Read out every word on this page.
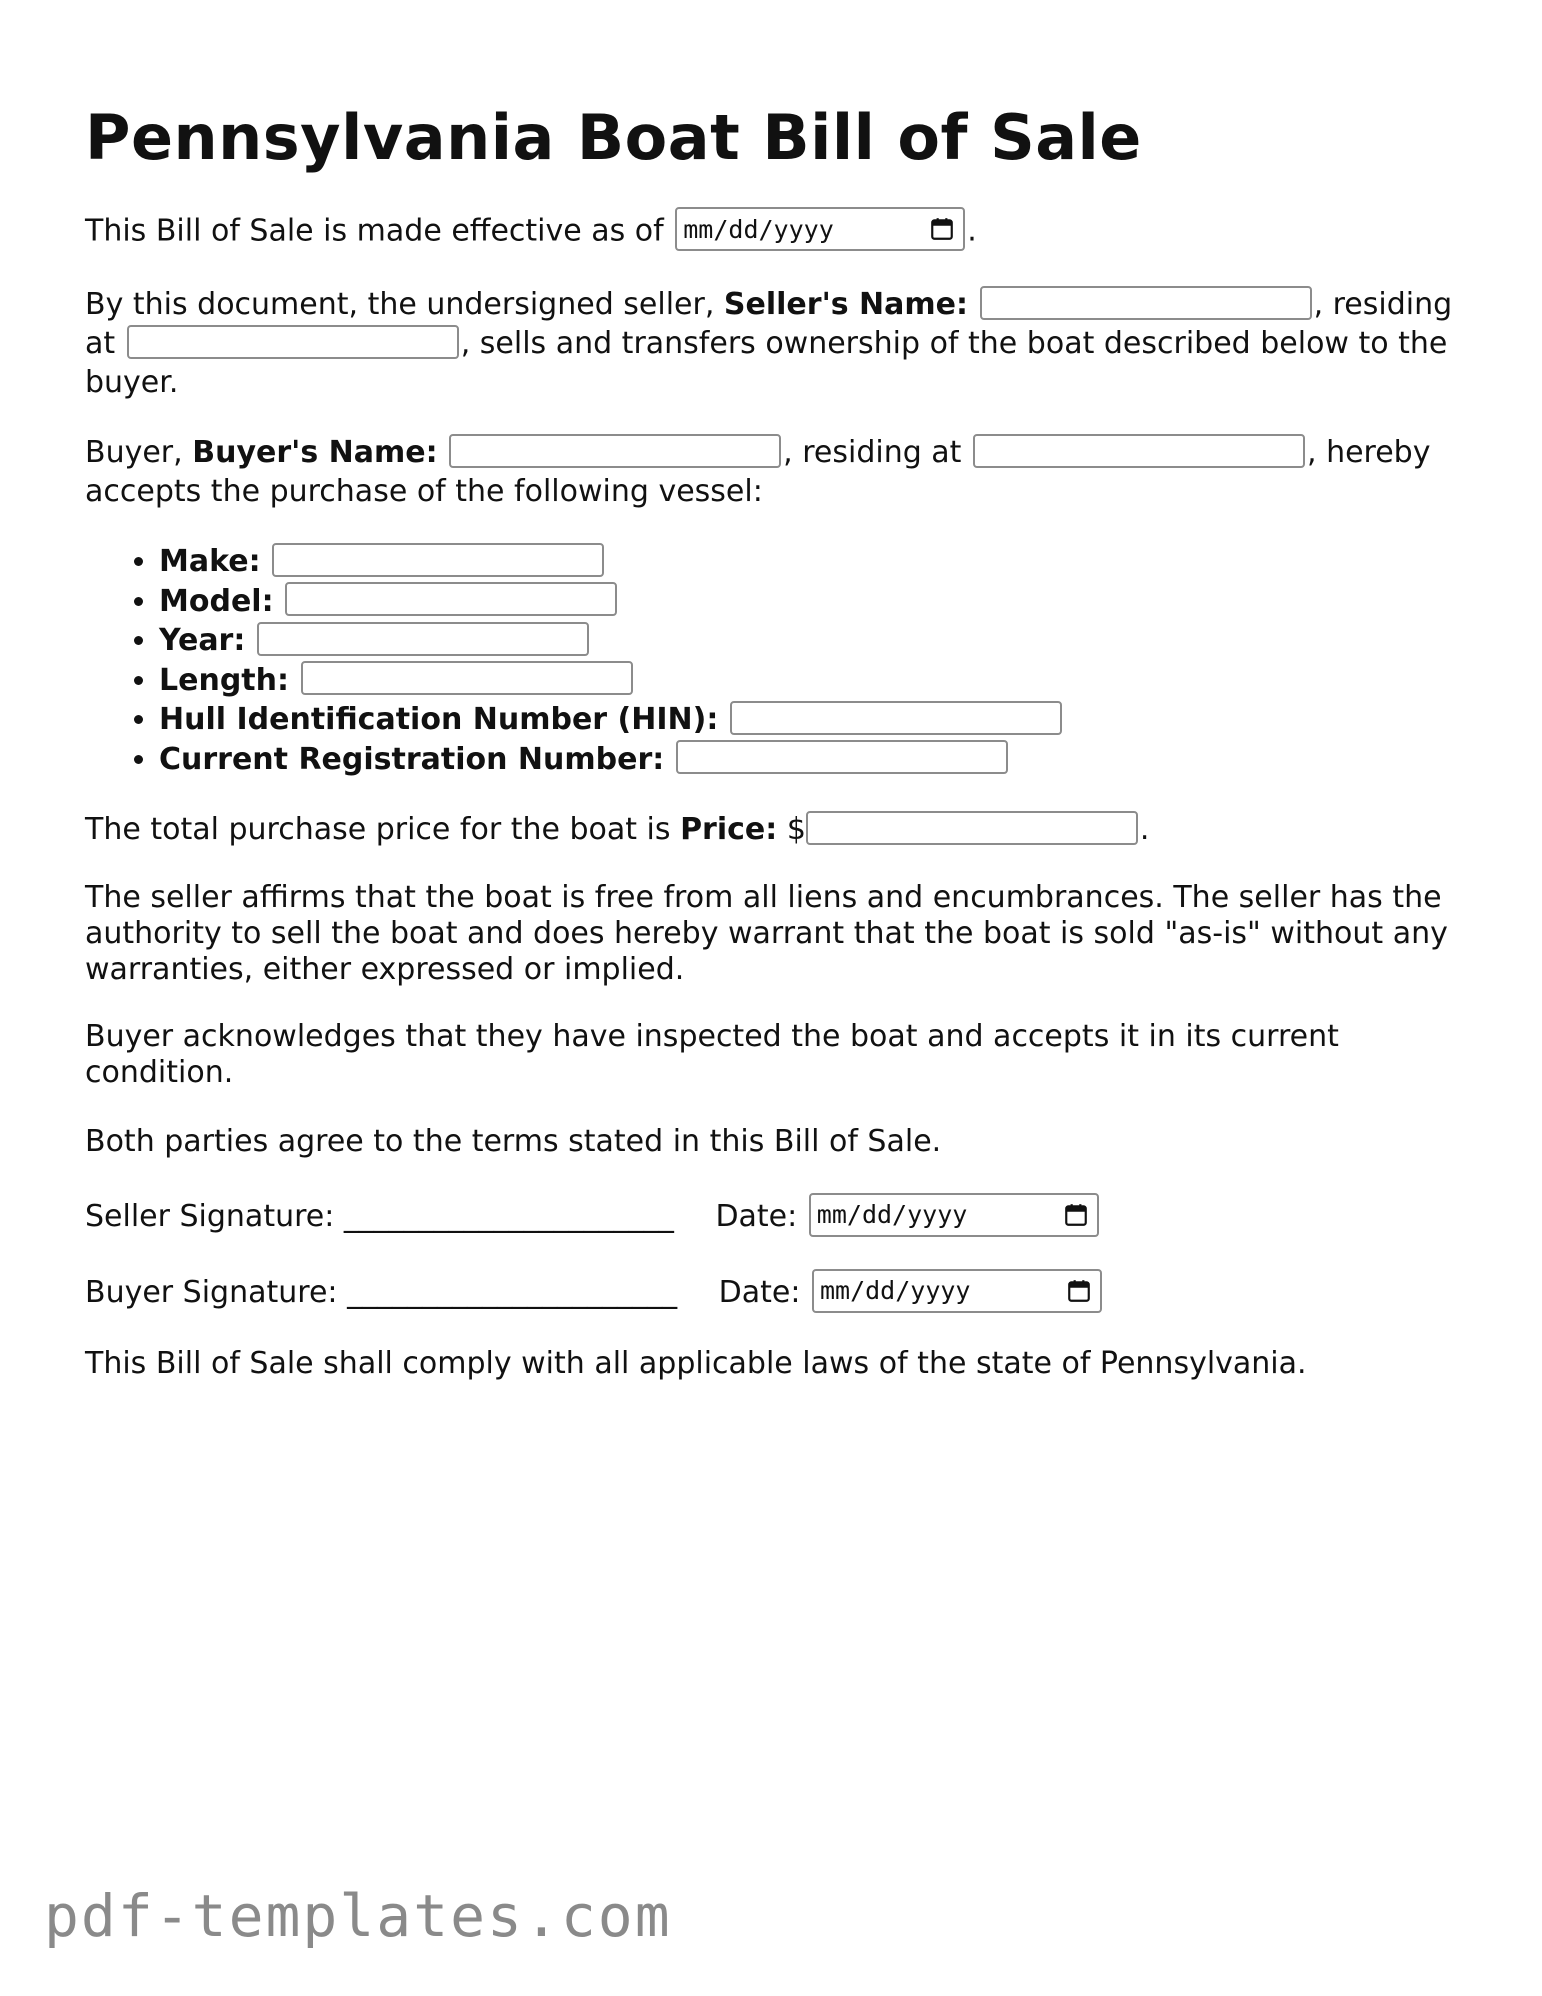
Pennsylvania Boat Bill of Sale

This Bill of Sale is made effective as of mm/dd/yyyy	.

By this document, the undersigned seller, Seller's Name:	, residing at	, sells and transfers ownership of the boat described below to the buyer.

Buyer, Buyer's Name:	, residing at	, hereby accepts the purchase of the following vessel:

• Make:
• Model:
• Year:
• Length:
• Hull Identification Number (HIN):
• Current Registration Number:

The total purchase price for the boat is Price: $	.

The seller affirms that the boat is free from all liens and encumbrances. The seller has the authority to sell the boat and does hereby warrant that the boat is sold "as-is" without any warranties, either expressed or implied.

Buyer acknowledges that they have inspected the boat and accepts it in its current condition.

Both parties agree to the terms stated in this Bill of Sale.

Seller Signature: ______________________ Date: mm/dd/yyyy
Buyer Signature: ______________________ Date: mm/dd/yyyy

This Bill of Sale shall comply with all applicable laws of the state of Pennsylvania.

pdf-templates.com
